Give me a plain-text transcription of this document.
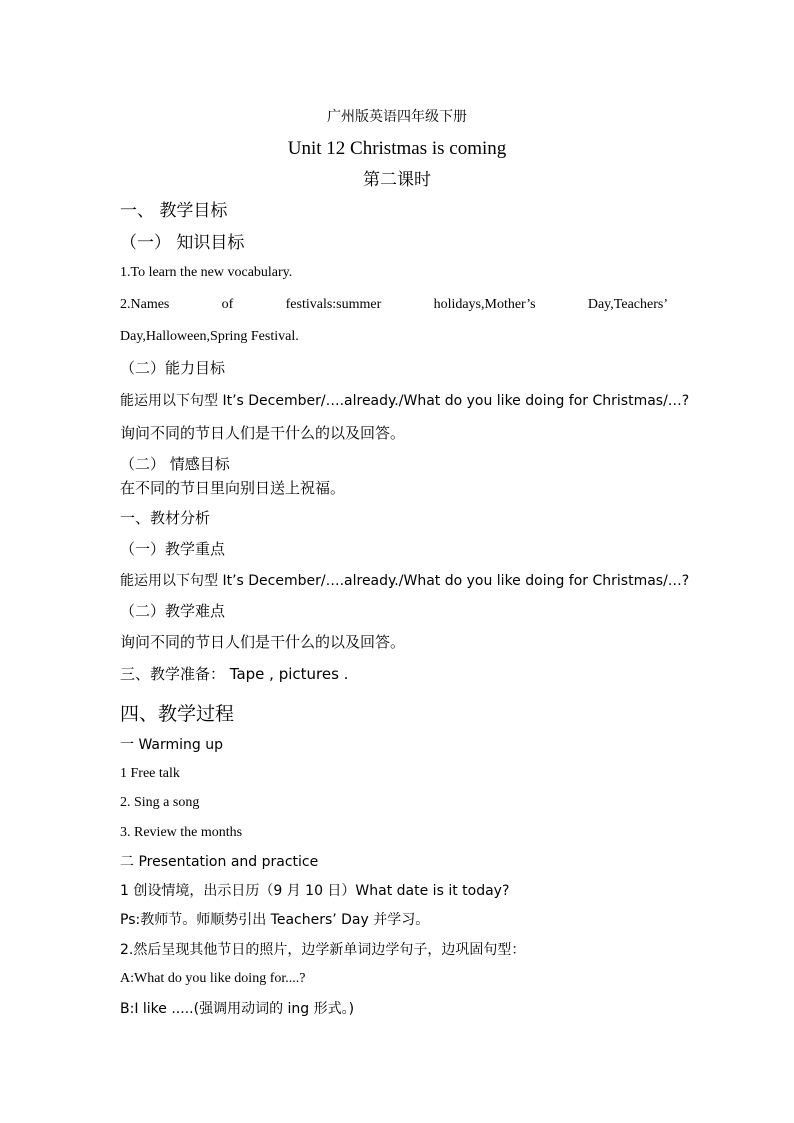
广州版英语四年级下册
Unit 12 Christmas is coming
第二课时
一、 教学目标
（一） 知识目标
1.To learn the new vocabulary.
2.Names	of	festivals:summer	holidays,Mother’s	Day,Teachers’
Day,Halloween,Spring Festival.
（二）能力目标
能运用以下句型 It’s December/….already./What do you like doing for Christmas/…?
询问不同的节日人们是干什么的以及回答。
（二） 情感目标
在不同的节日里向别日送上祝福。
一、教材分析
（一）教学重点
能运用以下句型 It’s December/….already./What do you like doing for Christmas/…?
（二）教学难点
询问不同的节日人们是干什么的以及回答。
三、教学准备： Tape , pictures .
四、教学过程
一 Warming up
1 Free talk
2. Sing a song
3. Review the months
二 Presentation and practice
1 创设情境，出示日历（9 月 10 日）What date is it today?
Ps:教师节。师顺势引出 Teachers’ Day 并学习。
2.然后呈现其他节日的照片，边学新单词边学句子，边巩固句型：
A:What do you like doing for....?
B:I like .....(强调用动词的 ing 形式。)
